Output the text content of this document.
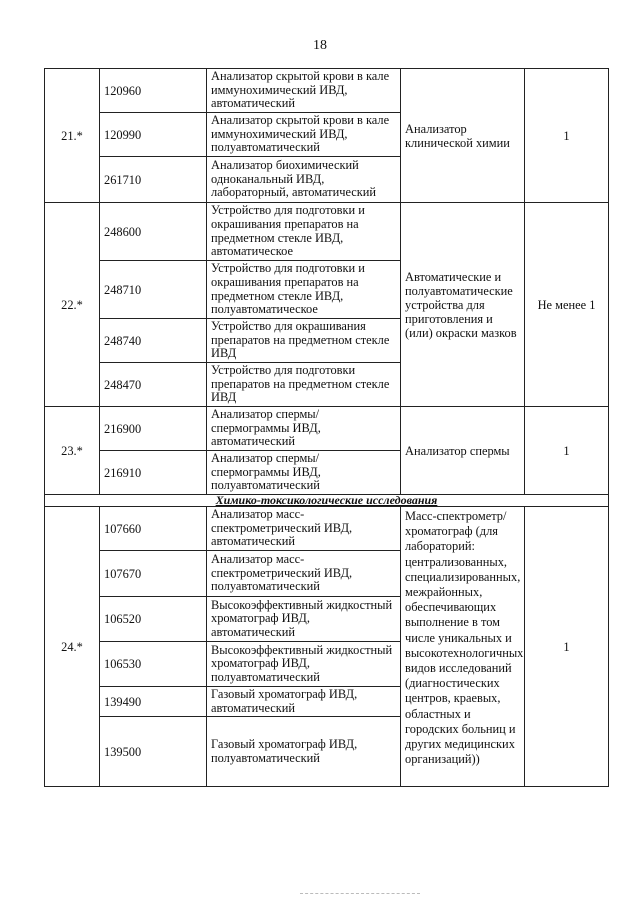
18
21.*	120960	Анализатор скрытой крови в кале иммунохимический ИВД, автоматический	Анализатор клинической химии	1
	120990	Анализатор скрытой крови в кале иммунохимический ИВД, полуавтоматический		
	261710	Анализатор биохимический одноканальный ИВД, лабораторный, автоматический		
22.*	248600	Устройство для подготовки и окрашивания препаратов на предметном стекле ИВД, автоматическое	Автоматические и полуавтоматические устройства для приготовления и (или) окраски мазков	Не менее 1
	248710	Устройство для подготовки и окрашивания препаратов на предметном стекле ИВД, полуавтоматическое		
	248740	Устройство для окрашивания препаратов на предметном стекле ИВД		
	248470	Устройство для подготовки препаратов на предметном стекле ИВД		
23.*	216900	Анализатор спермы/спермограммы ИВД, автоматический	Анализатор спермы	1
	216910	Анализатор спермы/спермограммы ИВД, полуавтоматический		
Химико-токсикологические исследования				
24.*	107660	Анализатор масс-спектрометрический ИВД, автоматический	Масс-спектрометр/ хроматограф (для лабораторий: централизованных, специализированных, межрайонных, обеспечивающих выполнение в том числе уникальных и высокотехнологичных видов исследований (диагностических центров, краевых, областных и городских больниц и других медицинских организаций))	1
	107670	Анализатор масс-спектрометрический ИВД, полуавтоматический		
	106520	Высокоэффективный жидкостный хроматограф ИВД, автоматический		
	106530	Высокоэффективный жидкостный хроматограф ИВД, полуавтоматический		
	139490	Газовый хроматограф ИВД, автоматический		
	139500	Газовый хроматограф ИВД, полуавтоматический		
